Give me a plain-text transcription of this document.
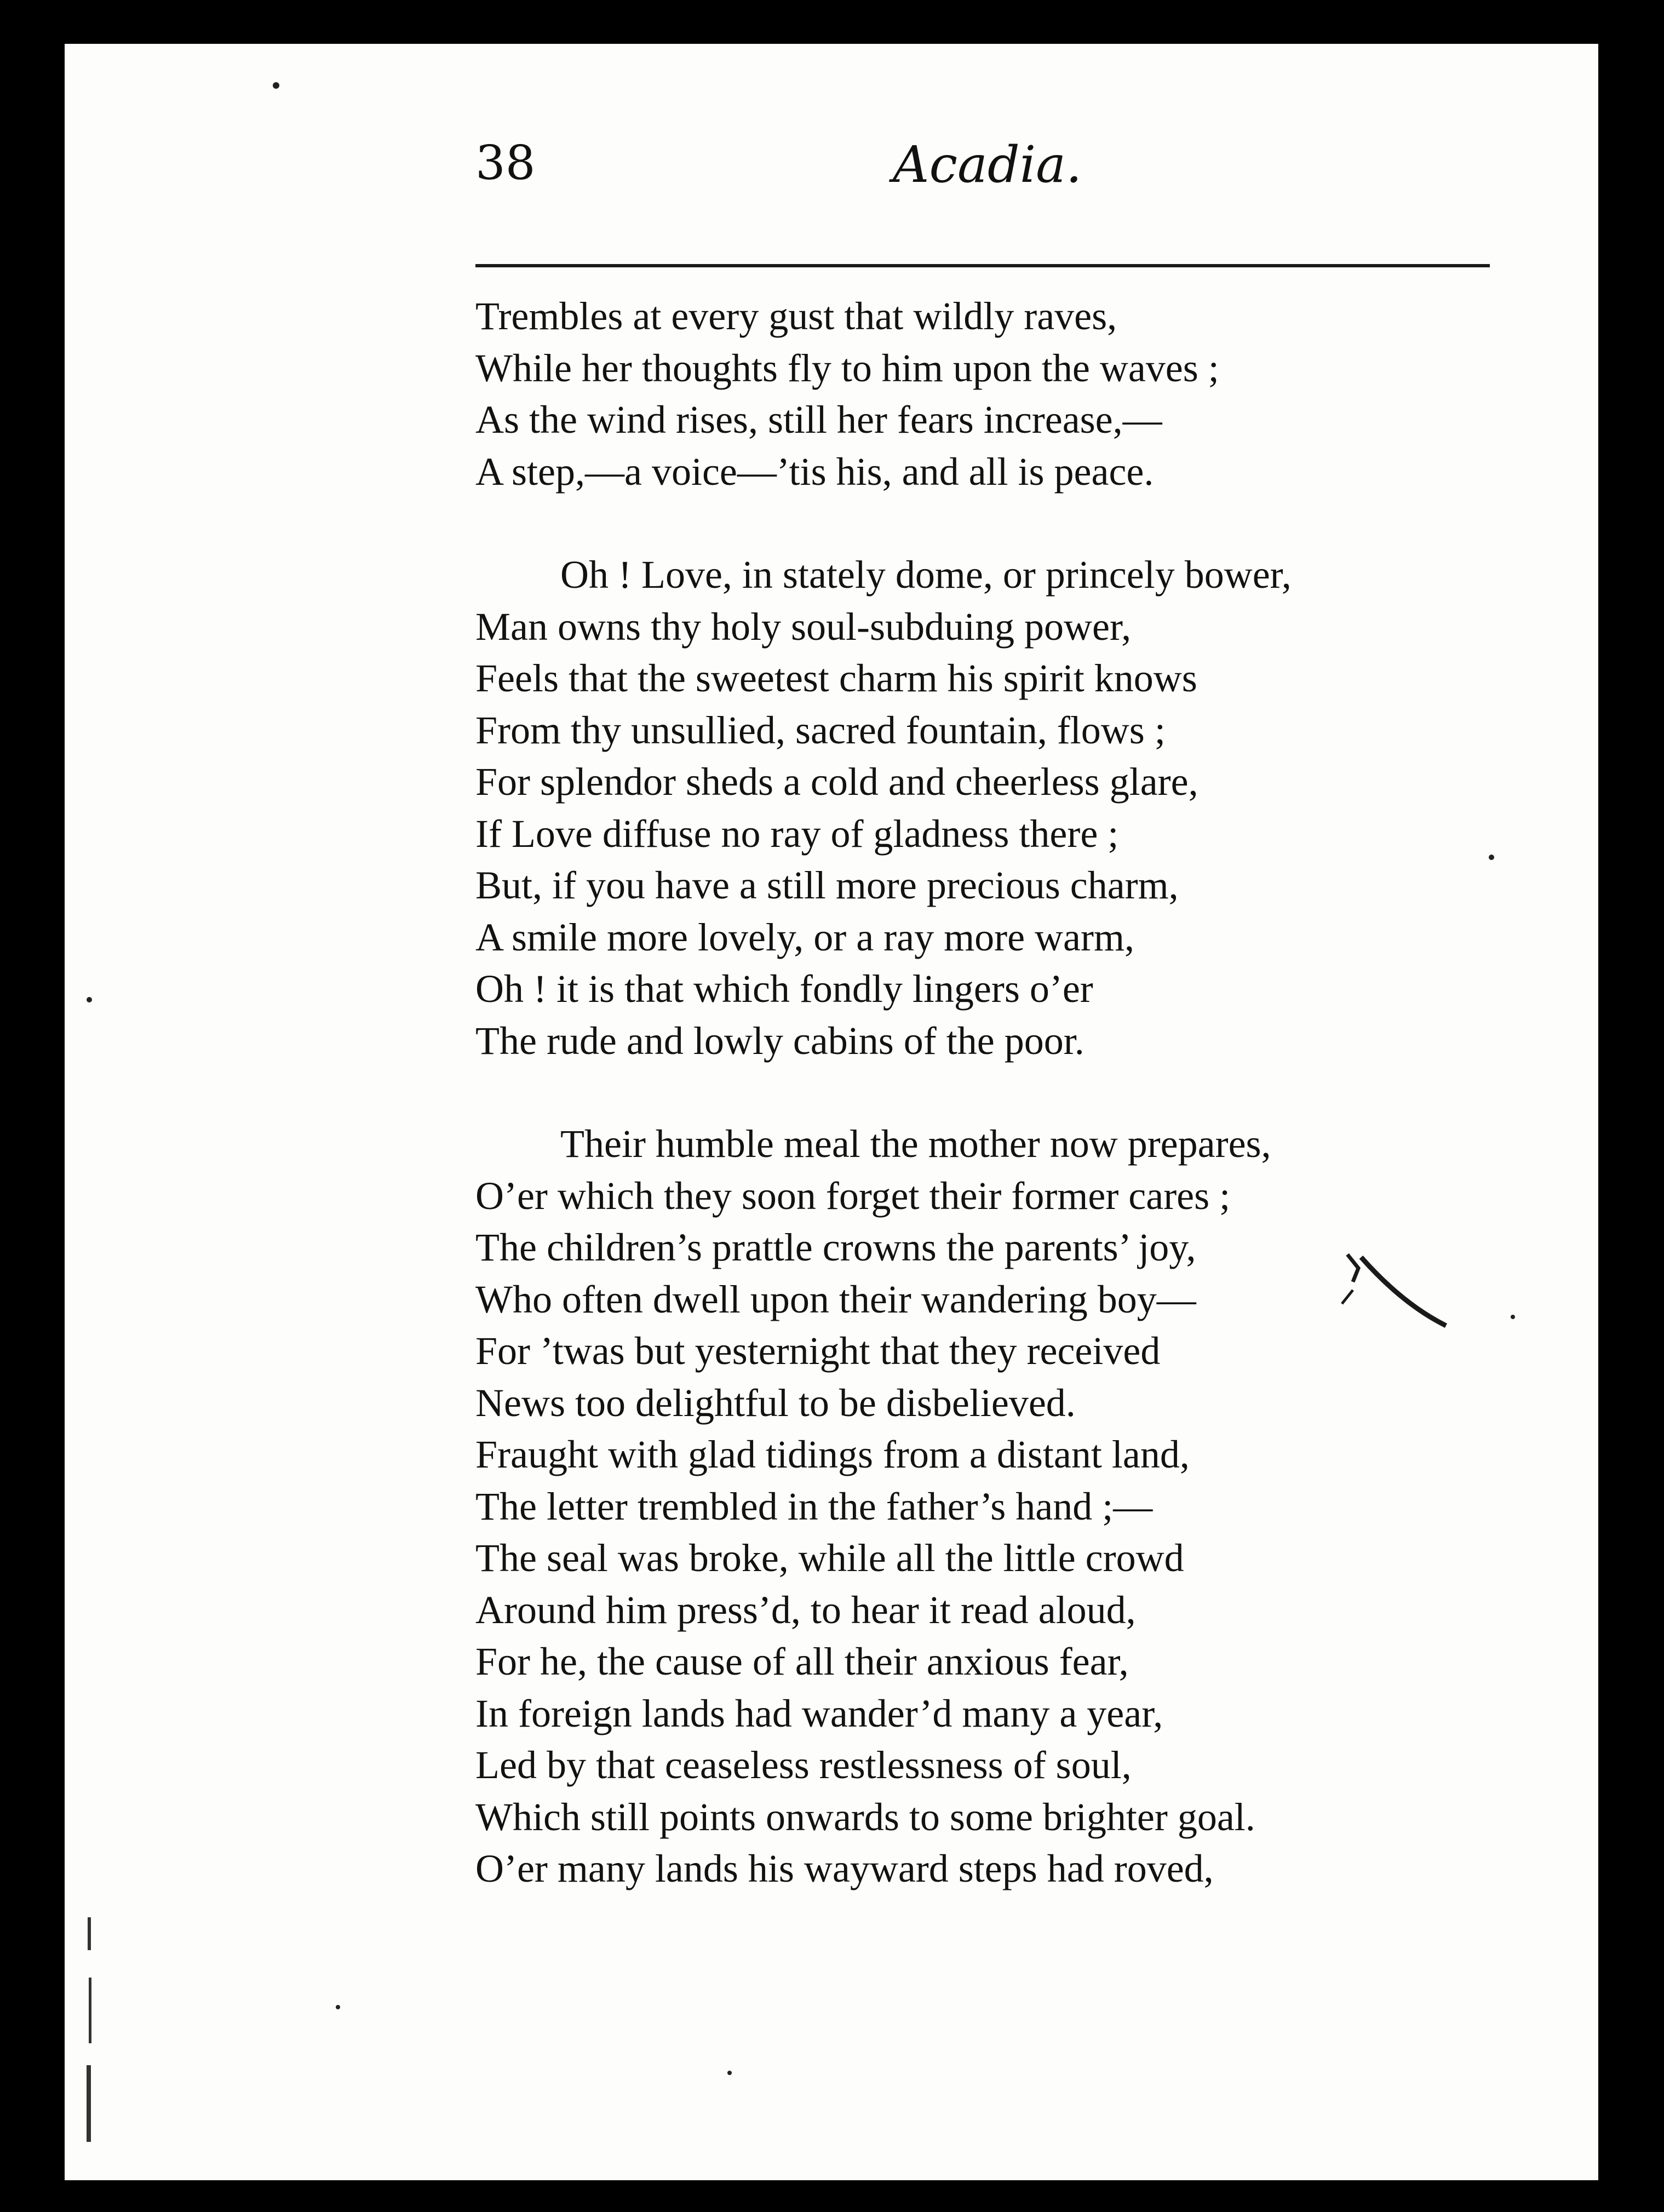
38	Acadia.
Trembles at every gust that wildly raves,
While her thoughts fly to him upon the waves ;
As the wind rises, still her fears increase,—
A step,—a voice—’tis his, and all is peace.
Oh ! Love, in stately dome, or princely bower,
Man owns thy holy soul-subduing power,
Feels that the sweetest charm his spirit knows
From thy unsullied, sacred fountain, flows ;
For splendor sheds a cold and cheerless glare,
If Love diffuse no ray of gladness there ;
But, if you have a still more precious charm,
A smile more lovely, or a ray more warm,
Oh ! it is that which fondly lingers o’er
The rude and lowly cabins of the poor.
Their humble meal the mother now prepares,
O’er which they soon forget their former cares ;
The children’s prattle crowns the parents’ joy,
Who often dwell upon their wandering boy—
For ’twas but yesternight that they received
News too delightful to be disbelieved.
Fraught with glad tidings from a distant land,
The letter trembled in the father’s hand ;—
The seal was broke, while all the little crowd
Around him press’d, to hear it read aloud,
For he, the cause of all their anxious fear,
In foreign lands had wander’d many a year,
Led by that ceaseless restlessness of soul,
Which still points onwards to some brighter goal.
O’er many lands his wayward steps had roved,
